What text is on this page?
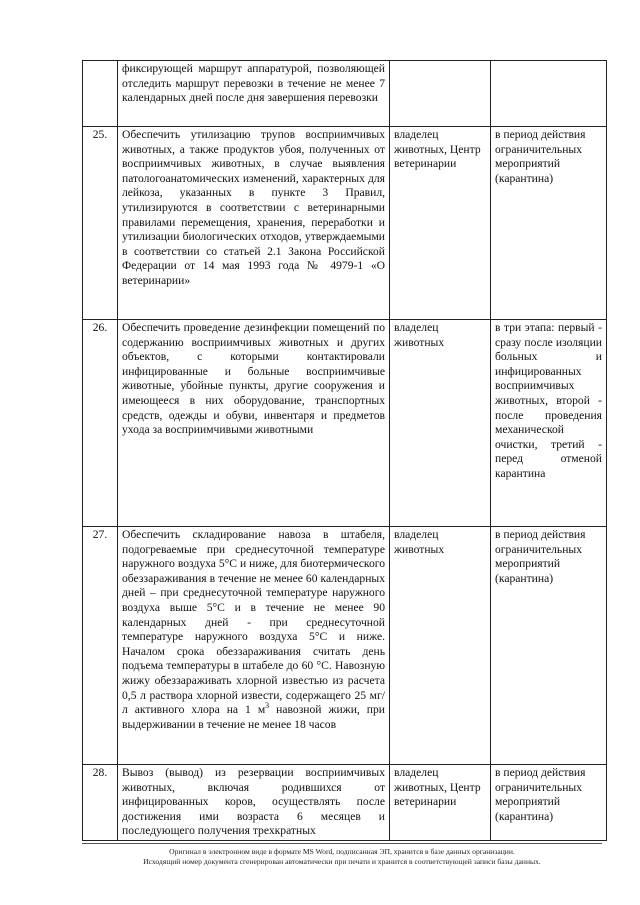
	фиксирующей маршрут аппаратурой, позволяющей отследить маршрут перевозки в течение не менее 7 календарных дней после дня завершения перевозки		
25.	Обеспечить утилизацию трупов восприимчивых животных, а также продуктов убоя, полученных от восприимчивых животных, в случае выявления патологоанатомических изменений, характерных для лейкоза, указанных в пункте 3 Правил, утилизируются в соответствии с ветеринарными правилами перемещения, хранения, переработки и утилизации биологических отходов, утверждаемыми в соответствии со статьей 2.1 Закона Российской Федерации от 14 мая 1993 года № 4979-1 «О ветеринарии»	владелец животных, Центр ветеринарии	в период действия ограничительных мероприятий (карантина)
26.	Обеспечить проведение дезинфекции помещений по содержанию восприимчивых животных и других объектов, с которыми контактировали инфицированные и больные восприимчивые животные, убойные пункты, другие сооружения и имеющееся в них оборудование, транспортных средств, одежды и обуви, инвентаря и предметов ухода за восприимчивыми животными	владелец животных	в три этапа: первый - сразу после изоляции больных и инфицированных восприимчивых животных, второй - после проведения механической очистки, третий - перед отменой карантина
27.	Обеспечить складирование навоза в штабеля, подогреваемые при среднесуточной температуре наружного воздуха 5°С и ниже, для биотермического обеззараживания в течение не менее 60 календарных дней – при среднесуточной температуре наружного воздуха выше 5°С и в течение не менее 90 календарных дней - при среднесуточной температуре наружного воздуха 5°С и ниже. Началом срока обеззараживания считать день подъема температуры в штабеле до 60 °С. Навозную жижу обеззараживать хлорной известью из расчета 0,5 л раствора хлорной извести, содержащего 25 мг/л активного хлора на 1 $м^3$ навозной жижи, при выдерживании в течение не менее 18 часов	владелец животных	в период действия ограничительных мероприятий (карантина)
28.	Вывоз (вывод) из резервации восприимчивых животных, включая родившихся от инфицированных коров, осуществлять после достижения ими возраста 6 месяцев и последующего получения трехкратных	владелец животных, Центр ветеринарии	в период действия ограничительных мероприятий (карантина)
Оригинал в электронном виде в формате MS Word, подписанная ЭП, хранится в базе данных организации.
Исходящий номер документа сгенерирован автоматически при печати и хранится в соответствующей записи базы данных.
